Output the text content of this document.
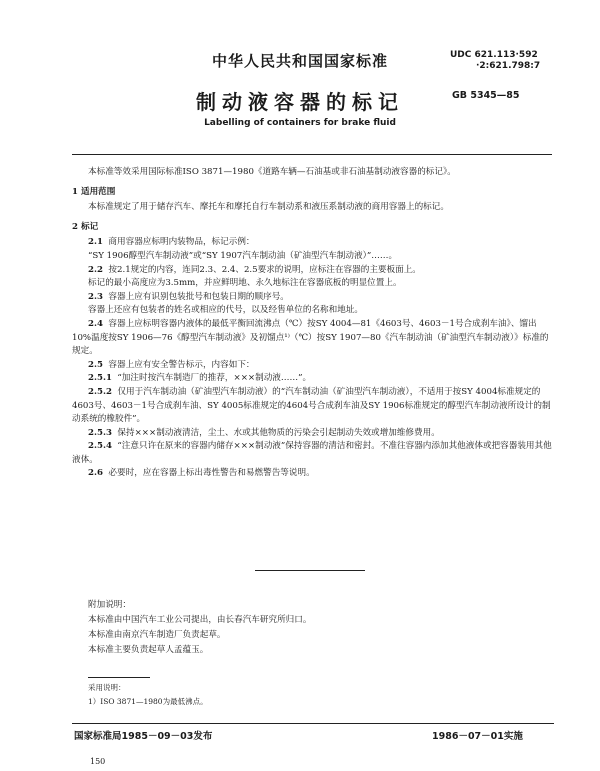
中华人民共和国国家标准	UDC 621.113·592
·2:621.798:7
制动液容器的标记	GB 5345—85
Labelling of containers for brake fluid

本标准等效采用国际标准ISO 3871—1980《道路车辆—石油基或非石油基制动液容器的标记》。

1 适用范围

本标准规定了用于储存汽车、摩托车和摩托自行车制动系和液压系制动液的商用容器上的标记。

2 标记

2.1 商用容器应标明内装物品，标记示例：

“SY 1906醇型汽车制动液”或“SY 1907汽车制动油（矿油型汽车制动液）”……。

2.2 按2.1规定的内容，连同2.3、2.4、2.5要求的说明，应标注在容器的主要板面上。

标记的最小高度应为3.5mm，并应鲜明地、永久地标注在容器底板的明显位置上。

2.3 容器上应有识别包装批号和包装日期的顺序号。

容器上还应有包装者的姓名或相应的代号，以及经售单位的名称和地址。

2.4 容器上应标明容器内液体的最低平衡回流沸点（℃）按SY 4004—81《4603号、4603－1号合成刹车油》、馏出10%温度按SY 1906—76《醇型汽车制动液》及初馏点¹⁾（℃）按SY 1907—80《汽车制动油（矿油型汽车制动液）》标准的规定。

2.5 容器上应有安全警告标示，内容如下：

2.5.1 “加注时按汽车制造厂的推荐，×××制动液……”。

2.5.2 仅用于汽车制动油（矿油型汽车制动液）的“汽车制动油（矿油型汽车制动液），不适用于按SY 4004标准规定的4603号、4603－1号合成刹车油、SY 4005标准规定的4604号合成刹车油及SY 1906标准规定的醇型汽车制动液所设计的制动系统的橡胶件”。

2.5.3 保持×××制动液清洁，尘土、水或其他物质的污染会引起制动失效或增加维修费用。

2.5.4 “注意只许在原来的容器内储存×××制动液”保持容器的清洁和密封。不准往容器内添加其他液体或把容器装用其他液体。

2.6 必要时，应在容器上标出毒性警告和易燃警告等说明。

附加说明：
本标准由中国汽车工业公司提出，由长春汽车研究所归口。
本标准由南京汽车制造厂负责起草。
本标准主要负责起草人孟蕴玉。
采用说明：
1）ISO 3871—1980为最低沸点。
国家标准局1985－09－03发布	1986－07－01实施
150
